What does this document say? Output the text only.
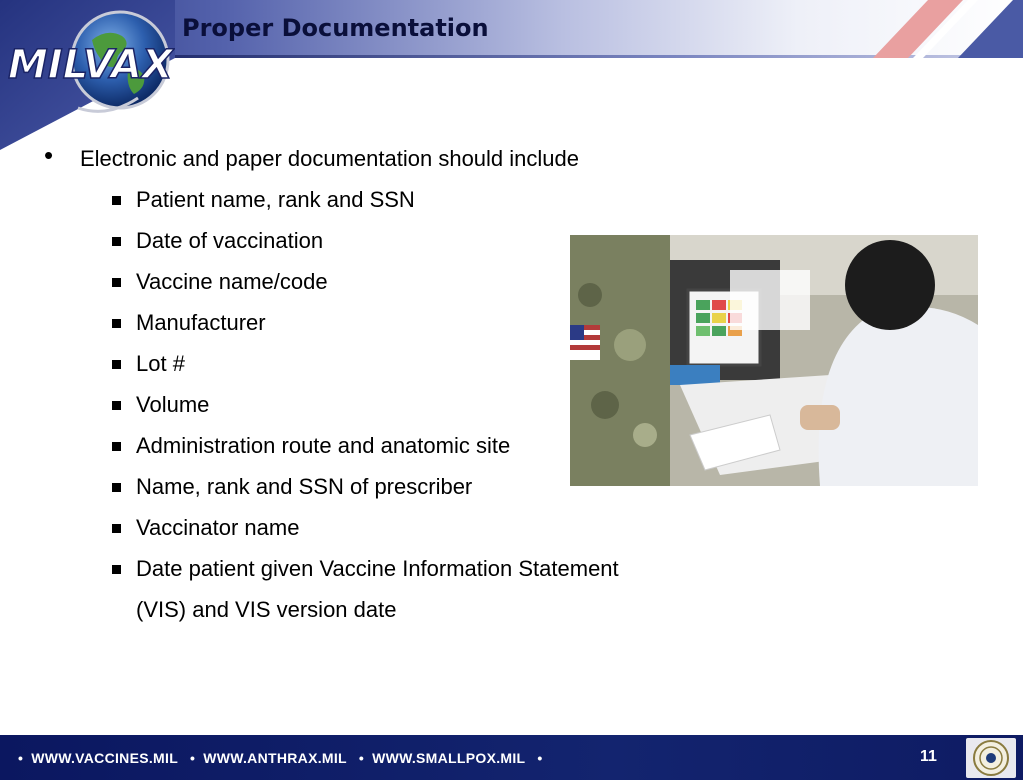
MILVAX
Proper Documentation
• Electronic and paper documentation should include
Patient name, rank and SSN
Date of vaccination
Vaccine name/code
Manufacturer
Lot #
Volume
Administration route and anatomic site
Name, rank and SSN of prescriber
Vaccinator name
Date patient given Vaccine Information Statement
(VIS) and VIS version date
• WWW.VACCINES.MIL • WWW.ANTHRAX.MIL • WWW.SMALLPOX.MIL •	11
